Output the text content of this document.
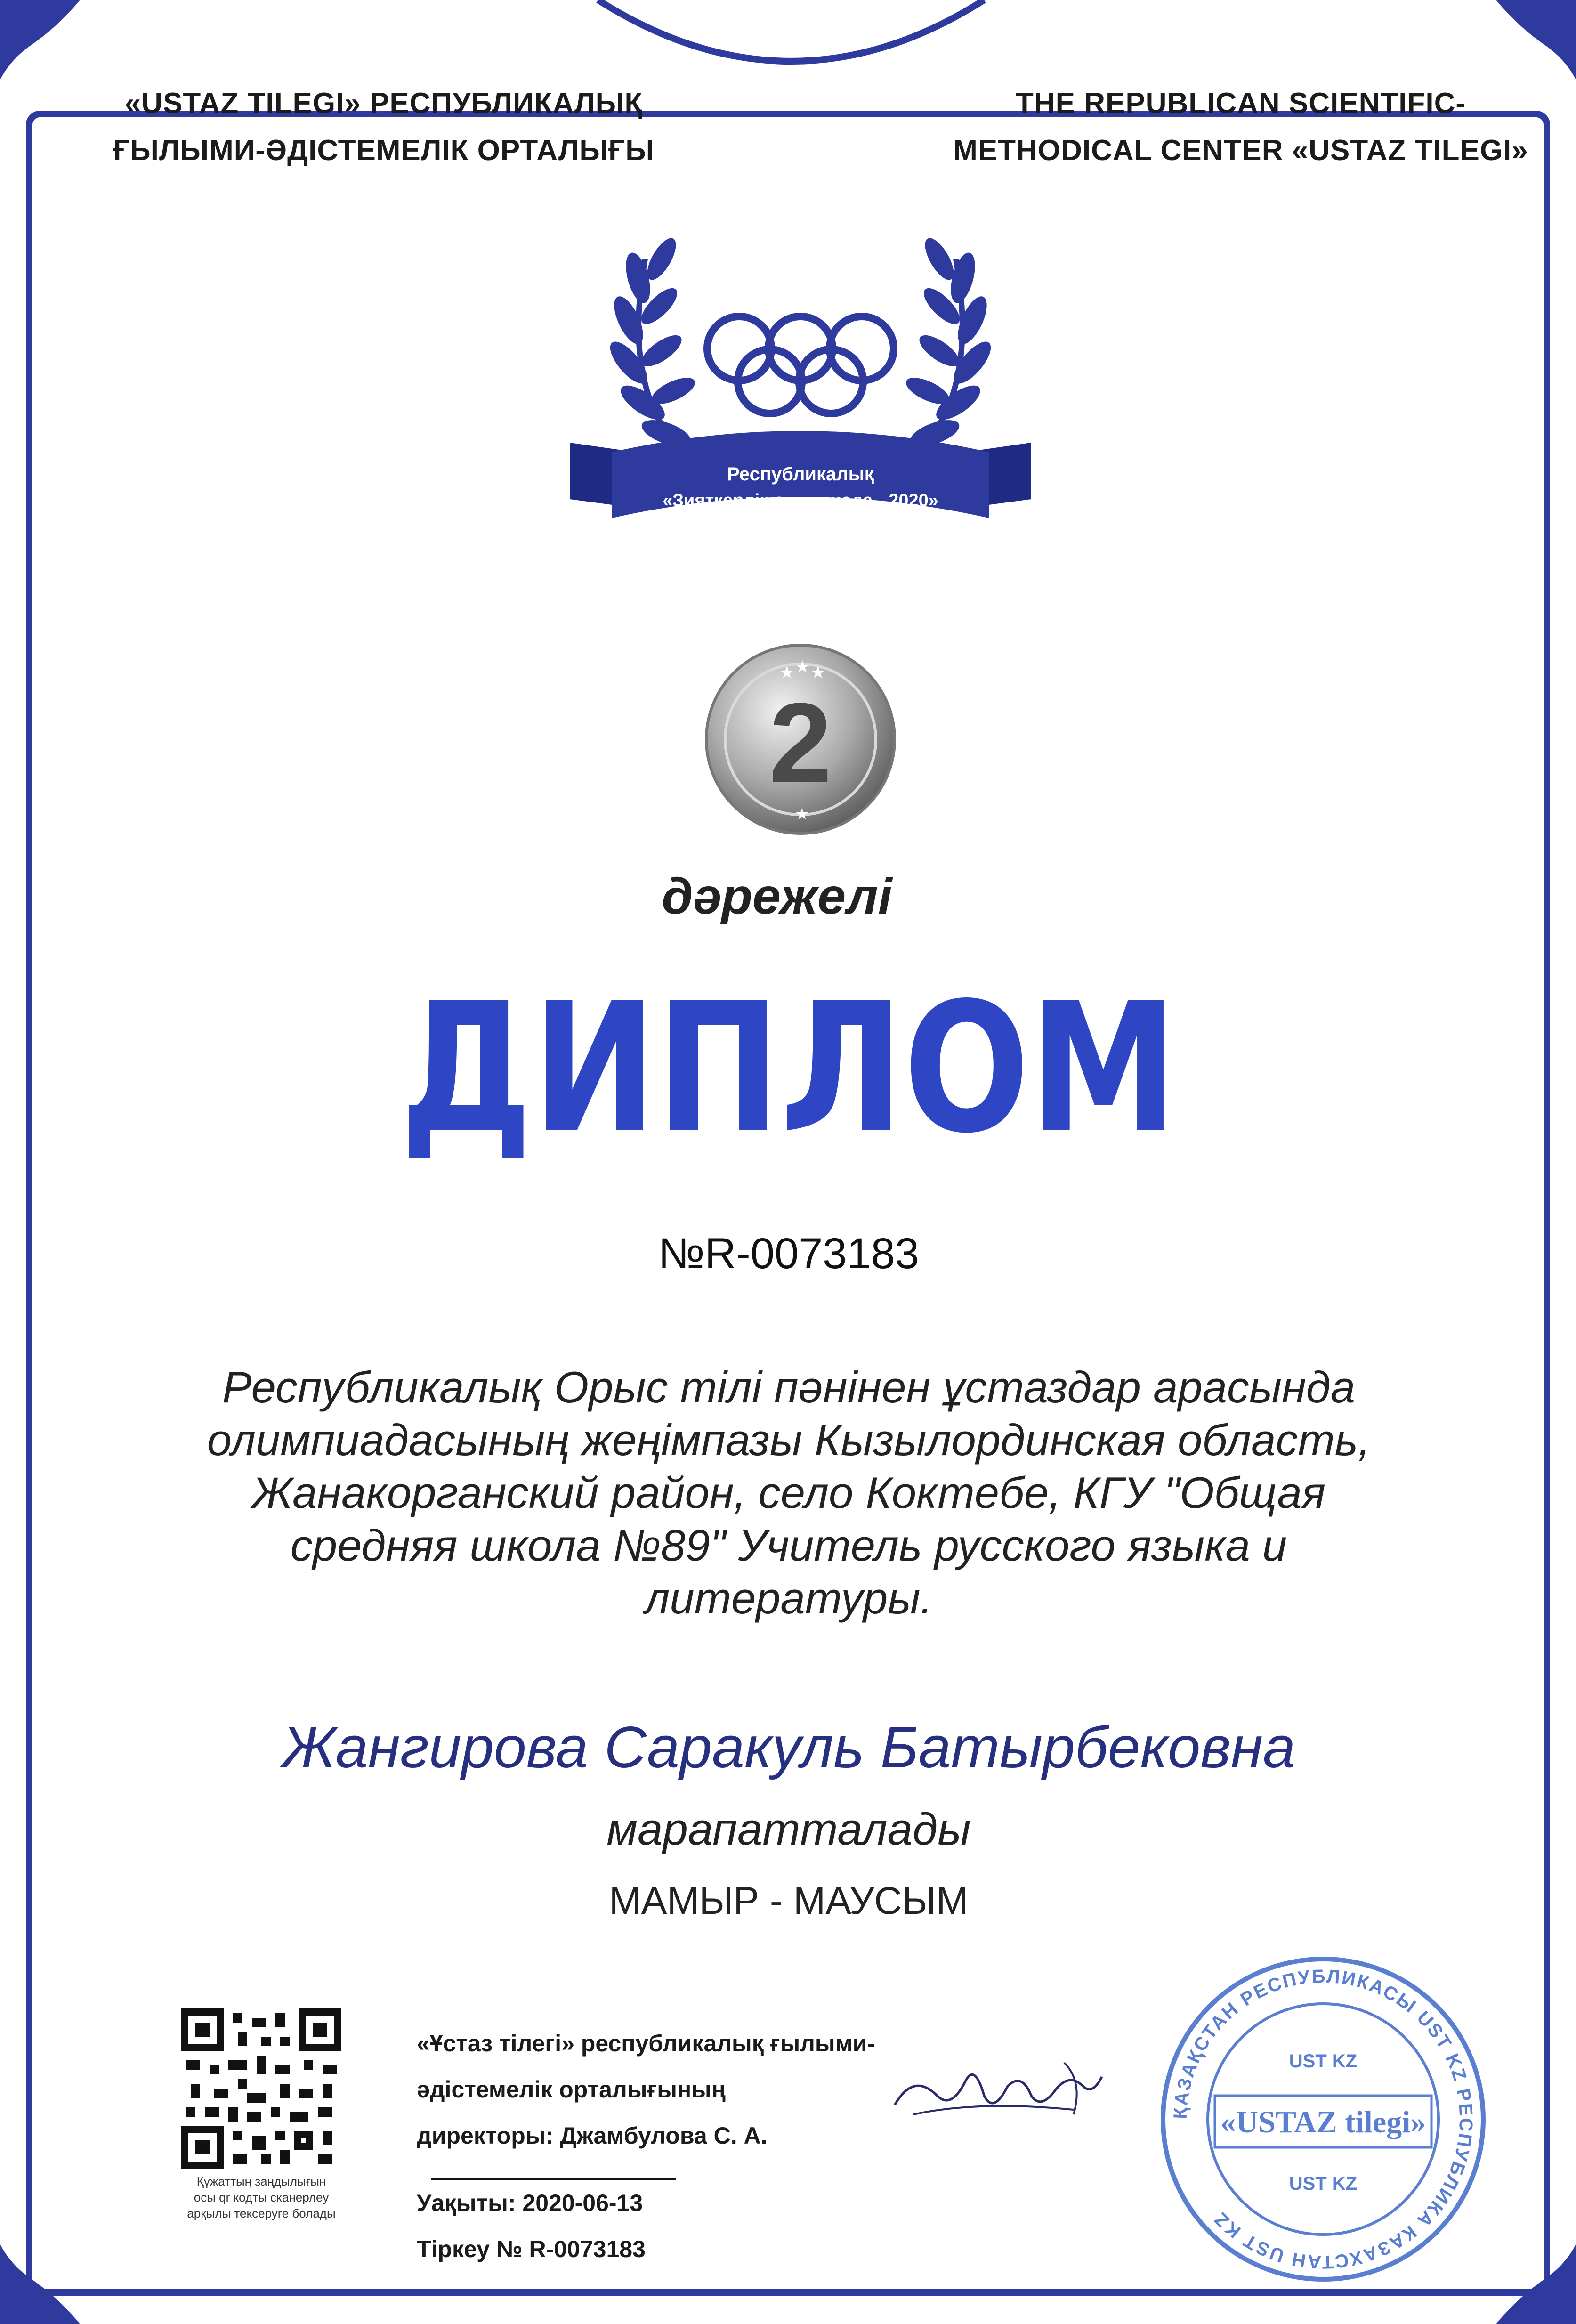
«USTAZ TILEGI» РЕСПУБЛИКАЛЫҚ
ҒЫЛЫМИ-ӘДІСТЕМЕЛІК ОРТАЛЫҒЫ
THE REPUBLICAN SCIENTIFIC-
METHODICAL CENTER «USTAZ TILEGI»
Республикалық
«Зияткерлік олимпиада - 2020»
★ ★ ★
2
★
дәрежелі
ДИПЛОМ
№R-0073183
Республикалық Орыс тілі пәнінен ұстаздар арасында
олимпиадасының жеңімпазы Кызылординская область,
Жанакорганский район, село Коктебе, КГУ "Общая
средняя школа №89" Учитель русского языка и
литературы.
Жангирова Саракуль Батырбековна
марапатталады
МАМЫР - МАУСЫМ
Құжаттың заңдылығын
осы qr кодты сканерлеу
арқылы тексеруге болады
«Ұстаз тілегі» республикалық ғылыми-
әдістемелік орталығының
директоры: Джамбулова С. А.
Уақыты: 2020-06-13
Тіркеу № R-0073183
ҚАЗАҚСТАН РЕСПУБЛИКАСЫ UST KZ РЕСПУБЛИКА КАЗАХСТАН UST KZ
UST KZ
«USTAZ tilegi»
UST KZ
